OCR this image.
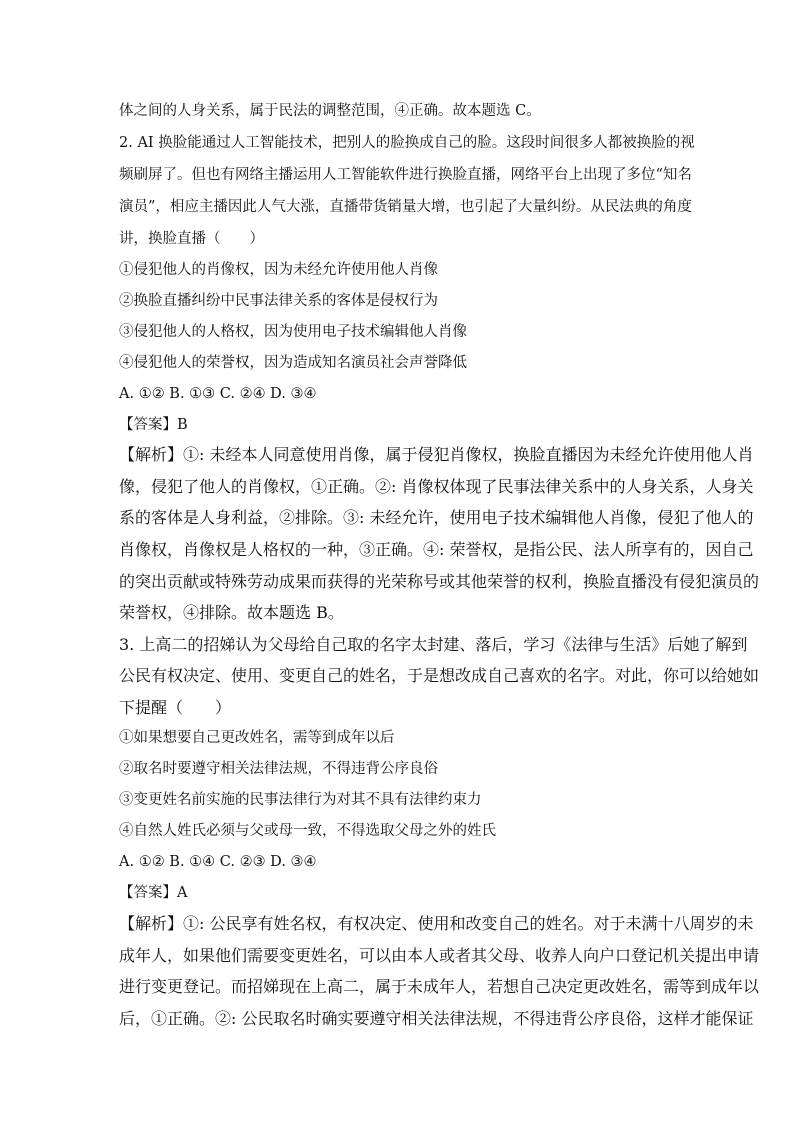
体之间的人身关系，属于民法的调整范围，④正确。故本题选 C。
2. AI 换脸能通过人工智能技术，把别人的脸换成自己的脸。这段时间很多人都被换脸的视
频刷屏了。但也有网络主播运用人工智能软件进行换脸直播，网络平台上出现了多位“知名
演员”，相应主播因此人气大涨，直播带货销量大增，也引起了大量纠纷。从民法典的角度
讲，换脸直播（　　）
①侵犯他人的肖像权，因为未经允许使用他人肖像
②换脸直播纠纷中民事法律关系的客体是侵权行为
③侵犯他人的人格权，因为使用电子技术编辑他人肖像
④侵犯他人的荣誉权，因为造成知名演员社会声誉降低
A. ①② B. ①③ C. ②④ D. ③④
【答案】B
【解析】①: 未经本人同意使用肖像，属于侵犯肖像权，换脸直播因为未经允许使用他人肖
像，侵犯了他人的肖像权，①正确。②: 肖像权体现了民事法律关系中的人身关系，人身关
系的客体是人身利益，②排除。③: 未经允许，使用电子技术编辑他人肖像，侵犯了他人的
肖像权，肖像权是人格权的一种，③正确。④: 荣誉权，是指公民、法人所享有的，因自己
的突出贡献或特殊劳动成果而获得的光荣称号或其他荣誉的权利，换脸直播没有侵犯演员的
荣誉权，④排除。故本题选 B。
3. 上高二的招娣认为父母给自己取的名字太封建、落后，学习《法律与生活》后她了解到
公民有权决定、使用、变更自己的姓名，于是想改成自己喜欢的名字。对此，你可以给她如
下提醒（　　）
①如果想要自己更改姓名，需等到成年以后
②取名时要遵守相关法律法规，不得违背公序良俗
③变更姓名前实施的民事法律行为对其不具有法律约束力
④自然人姓氏必须与父或母一致，不得选取父母之外的姓氏
A. ①② B. ①④ C. ②③ D. ③④
【答案】A
【解析】①: 公民享有姓名权，有权决定、使用和改变自己的姓名。对于未满十八周岁的未
成年人，如果他们需要变更姓名，可以由本人或者其父母、收养人向户口登记机关提出申请
进行变更登记。而招娣现在上高二，属于未成年人，若想自己决定更改姓名，需等到成年以
后，①正确。②: 公民取名时确实要遵守相关法律法规，不得违背公序良俗，这样才能保证
